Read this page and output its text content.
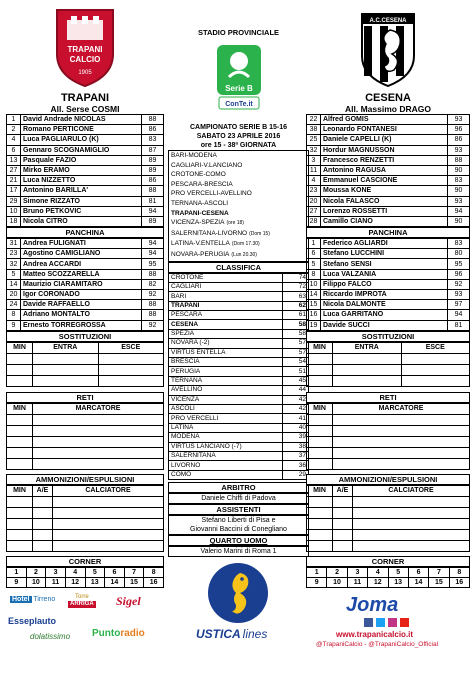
TRAPANI
CALCIO
1905
TRAPANI
All. Serse COSMI
1	David Andrade NICOLAS	88
2	Romano PERTICONE	86
4	Luca PAGLIARULO (K)	83
6	Gennaro SCOGNAMIGLIO	87
13	Pasquale FAZIO	89
27	Mirko ERAMO	89
21	Luca NIZZETTO	86
17	Antonino BARILLA'	88
29	Simone RIZZATO	81
10	Bruno PETKOVIC	94
18	Nicola CITRO	89
PANCHINA
31	Andrea FULIGNATI	94
23	Agostino CAMIGLIANO	94
32	Andrea ACCARDI	95
5	Matteo SCOZZARELLA	88
14	Maurizio CIARAMITARO	82
20	Igor CORONADO	92
24	Davide RAFFAELLO	88
8	Adriano MONTALTO	88
9	Ernesto TORREGROSSA	92
SOSTITUZIONI
MIN	ENTRA	ESCE

RETI
MIN	MARCATORE

AMMONIZIONI/ESPULSIONI
MIN	A/E	CALCIATORE

CORNER
1	2	3	4	5	6	7	8
9	10	11	12	13	14	15	16
Hotel Tirreno	Torre
ARRIGA Sigel
Esseplauto
dolatissimo Puntoradio
STADIO PROVINCIALE
Serie B
ConTe.it
CAMPIONATO SERIE B 15-16
SABATO 23 APRILE 2016
ore 15 - 38ª GIORNATA
BARI-MODENA
CAGLIARI-V.LANCIANO
CROTONE-COMO
PESCARA-BRESCIA
PRO VERCELLI-AVELLINO
TERNANA-ASCOLI
TRAPANI-CESENA
VICENZA-SPEZIA (ore 18)
SALERNITANA-LIVORNO (Dom 15)
LATINA-V.ENTELLA (Dom 17.30)
NOVARA-PERUGIA (Lun 20.30)
CLASSIFICA
CROTONE	74
CAGLIARI	72
BARI	63
TRAPANI	62
PESCARA	61
CESENA	58
SPEZIA	58
NOVARA (-2)	57
VIRTUS ENTELLA	57
BRESCIA	54
PERUGIA	51
TERNANA	45
AVELLINO	44
VICENZA	42
ASCOLI	42
PRO VERCELLI	41
LATINA	40
MODENA	39
VIRTUS LANCIANO (-7)	38
SALERNITANA	37
LIVORNO	36
COMO	29
ARBITRO
Daniele Chiffi di Padova
ASSISTENTI
Stefano Liberti di Pisa e
Giovanni Baccini di Conegliano
QUARTO UOMO
Valerio Marini di Roma 1
USTICA lines
A.C.CESENA
CESENA
All. Massimo DRAGO
22	Alfred GOMIS	93
38	Leonardo FONTANESI	96
25	Daniele CAPELLI (K)	86
32	Hordur MAGNUSSON	93
3	Francesco RENZETTI	88
11	Antonino RAGUSA	90
4	Emmanuel CASCIONE	83
23	Moussa KONE	90
20	Nicola FALASCO	93
27	Lorenzo ROSSETTI	94
28	Camillo CIANO	90
PANCHINA
1	Federico AGLIARDI	83
6	Stefano LUCCHINI	80
5	Stefano SENSI	95
8	Luca VALZANIA	96
10	Filippo FALCO	92
14	Riccardo IMPROTA	93
15	Nicola DALMONTE	97
16	Luca GARRITANO	94
19	Davide SUCCI	81
SOSTITUZIONI
MIN	ENTRA	ESCE

RETI
MIN	MARCATORE

AMMONIZIONI/ESPULSIONI
MIN	A/E	CALCIATORE

CORNER
1	2	3	4	5	6	7	8
9	10	11	12	13	14	15	16
Joma
www.trapanicalcio.it
@TrapaniCalcio - @TrapaniCalcio_Official
